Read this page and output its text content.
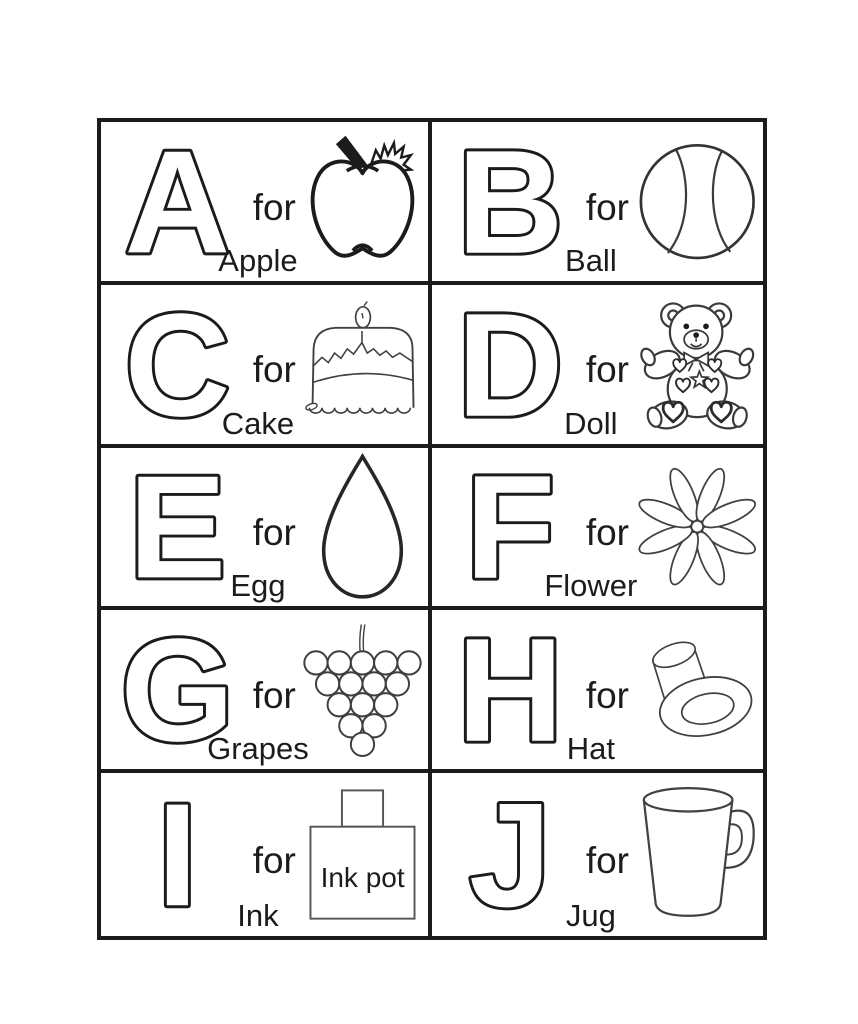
A for
Apple	B for
Ball
C for
Cake	D for
Doll
E for
Egg	F for
Flower
G for
Grapes H for
Hat
I	for
Ink
Ink pot J for
Jug
